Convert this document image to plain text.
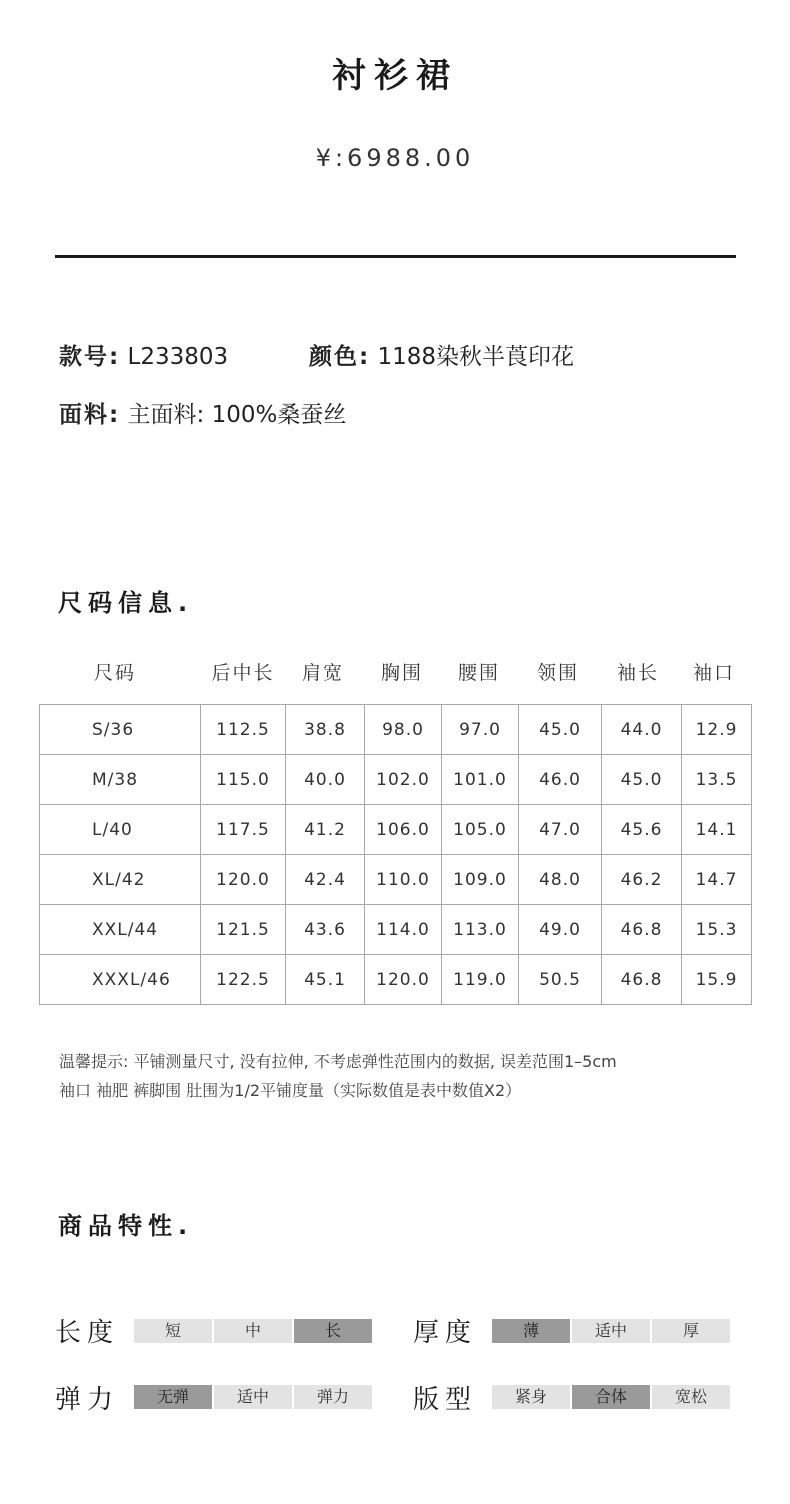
衬衫裙
¥:6988.00
款号: L233803	颜色: 1188染秋半莨印花
面料: 主面料: 100%桑蚕丝
尺码信息.
尺码	后中长	肩宽	胸围	腰围	领围	袖长	袖口
S/36	112.5	38.8	98.0	97.0	45.0	44.0	12.9
M/38	115.0	40.0	102.0	101.0	46.0	45.0	13.5
L/40	117.5	41.2	106.0	105.0	47.0	45.6	14.1
XL/42	120.0	42.4	110.0	109.0	48.0	46.2	14.7
XXL/44	121.5	43.6	114.0	113.0	49.0	46.8	15.3
XXXL/46	122.5	45.1	120.0	119.0	50.5	46.8	15.9
温馨提示: 平铺测量尺寸, 没有拉伸, 不考虑弹性范围内的数据, 误差范围1–5cm
袖口 袖肥 裤脚围 肚围为1/2平铺度量（实际数值是表中数值X2）
商品特性.
长度	短	中	长	厚度	薄	适中	厚
弹力	无弹	适中	弹力	版型	紧身	合体	宽松
